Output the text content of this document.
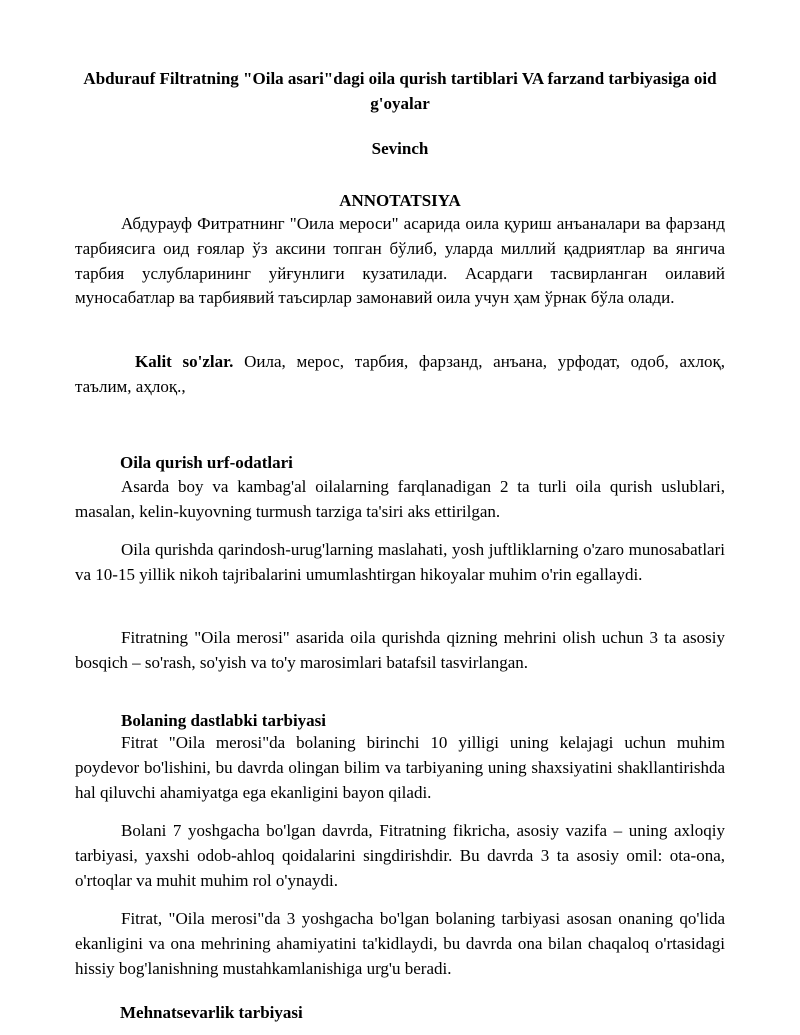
Abdurauf Filtratning "Oila asari"dagi oila qurish tartiblari VA farzand tarbiyasiga oid g'oyalar

Sevinch

ANNOTATSIYA

Абдурауф Фитратнинг "Оила мероси" асарида оила қуриш анъаналари ва фарзанд тарбиясига оид ғоялар ўз аксини топган бўлиб, уларда миллий қадриятлар ва янгича тарбия услубларининг уйғунлиги кузатилади. Асардаги тасвирланган оилавий муносабатлар ва тарбиявий таъсирлар замонавий оила учун ҳам ўрнак бўла олади.

Kalit so'zlar. Оила, мерос, тарбия, фарзанд, анъана, урфодат, одоб, ахлоқ, таълим, аҳлоқ.,

Oila qurish urf-odatlari

Asarda boy va kambag'al oilalarning farqlanadigan 2 ta turli oila qurish uslublari, masalan, kelin-kuyovning turmush tarziga ta'siri aks ettirilgan.

Oila qurishda qarindosh-urug'larning maslahati, yosh juftliklarning o'zaro munosabatlari va 10-15 yillik nikoh tajribalarini umumlashtirgan hikoyalar muhim o'rin egallaydi.

Fitratning "Oila merosi" asarida oila qurishda qizning mehrini olish uchun 3 ta asosiy bosqich – so'rash, so'yish va to'y marosimlari batafsil tasvirlangan.

Bolaning dastlabki tarbiyasi

Fitrat "Oila merosi"da bolaning birinchi 10 yilligi uning kelajagi uchun muhim poydevor bo'lishini, bu davrda olingan bilim va tarbiyaning uning shaxsiyatini shakllantirishda hal qiluvchi ahamiyatga ega ekanligini bayon qiladi.

Bolani 7 yoshgacha bo'lgan davrda, Fitratning fikricha, asosiy vazifa – uning axloqiy tarbiyasi, yaxshi odob-ahloq qoidalarini singdirishdir. Bu davrda 3 ta asosiy omil: ota-ona, o'rtoqlar va muhit muhim rol o'ynaydi.

Fitrat, "Oila merosi"da 3 yoshgacha bo'lgan bolaning tarbiyasi asosan onaning qo'lida ekanligini va ona mehrining ahamiyatini ta'kidlaydi, bu davrda ona bilan chaqaloq o'rtasidagi hissiy bog'lanishning mustahkamlanishiga urg'u beradi.

Mehnatsevarlik tarbiyasi
